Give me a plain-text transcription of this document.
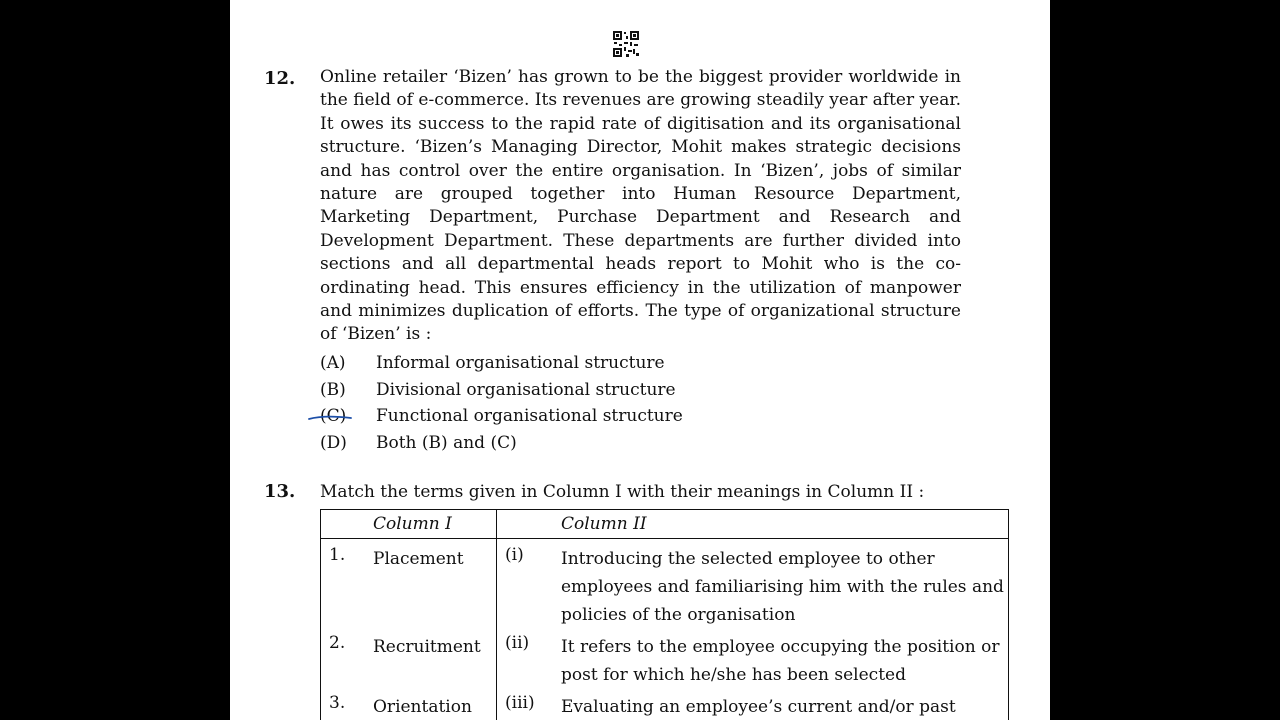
12. Online retailer ‘Bizen’ has grown to be the biggest provider worldwide in the field of e-commerce. Its revenues are growing steadily year after year. It owes its success to the rapid rate of digitisation and its organisational structure. ‘Bizen’s Managing Director, Mohit makes strategic decisions and has control over the entire organisation. In ‘Bizen’, jobs of similar nature are grouped together into Human Resource Department, Marketing Department, Purchase Department and Research and Development Department. These departments are further divided into sections and all departmental heads report to Mohit who is the co-ordinating head. This ensures efficiency in the utilization of manpower and minimizes duplication of efforts. The type of organizational structure of ‘Bizen’ is :
(A)	Informal organisational structure
(B)	Divisional organisational structure
(C)	Functional organisational structure
(D)	Both (B) and (C)
13. Match the terms given in Column I with their meanings in Column II :
Column I	Column II

1. Placement	(i) Introducing the selected employee to other employees and familiarising him with the rules and policies of the organisation

2. Recruitment	(ii) It refers to the employee occupying the position or post for which he/she has been selected

3. Orientation	(iii) Evaluating an employee’s current and/or past
